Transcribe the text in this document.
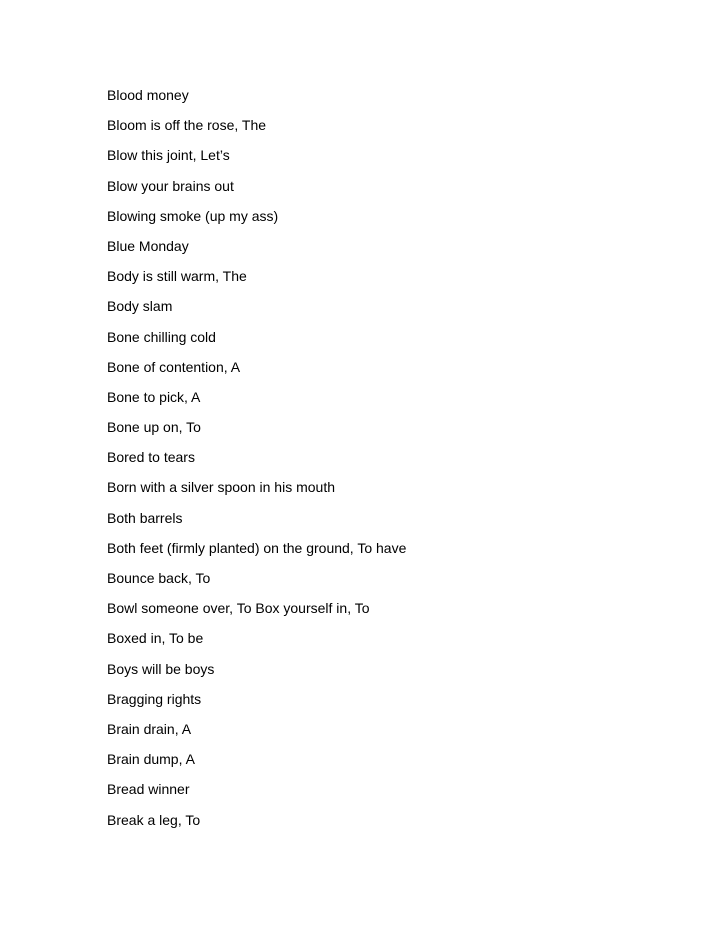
Blood money
Bloom is off the rose, The
Blow this joint, Let’s
Blow your brains out
Blowing smoke (up my ass)
Blue Monday
Body is still warm, The
Body slam
Bone chilling cold
Bone of contention, A
Bone to pick, A
Bone up on, To
Bored to tears
Born with a silver spoon in his mouth
Both barrels
Both feet (firmly planted) on the ground, To have
Bounce back, To
Bowl someone over, To Box yourself in, To
Boxed in, To be
Boys will be boys
Bragging rights
Brain drain, A
Brain dump, A
Bread winner
Break a leg, To
